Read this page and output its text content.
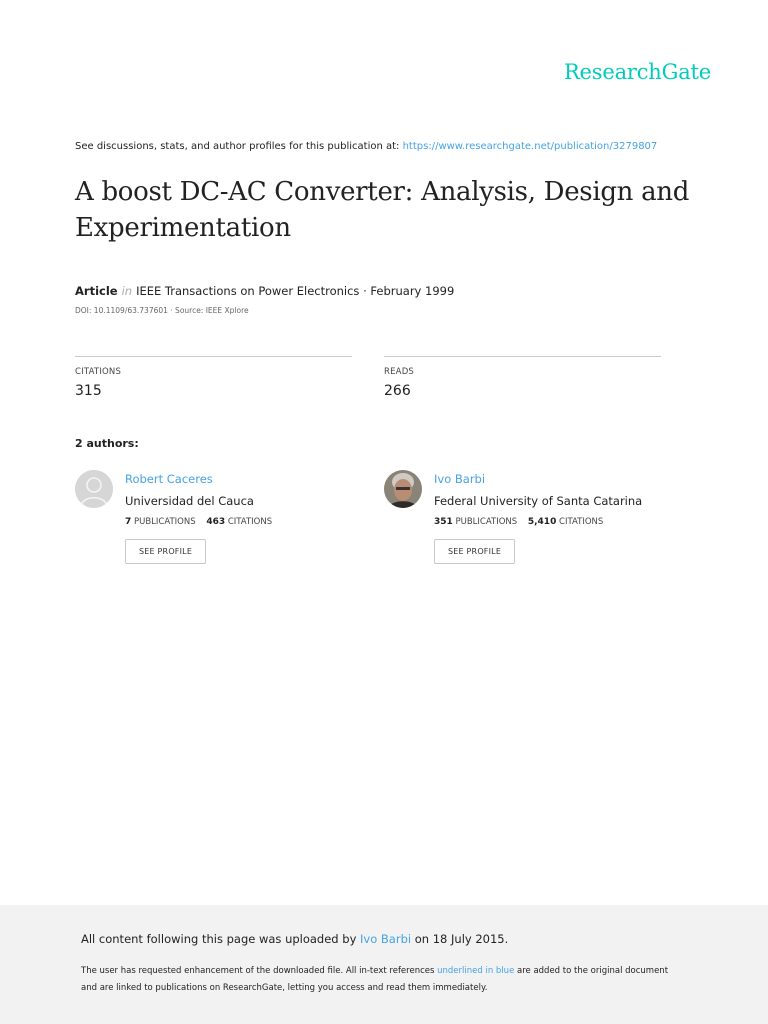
ResearchGate
See discussions, stats, and author profiles for this publication at: https://www.researchgate.net/publication/3279807
A boost DC-AC Converter: Analysis, Design and Experimentation
Article in IEEE Transactions on Power Electronics · February 1999
DOI: 10.1109/63.737601 · Source: IEEE Xplore
CITATIONS
315
READS
266
2 authors:
Robert Caceres
Universidad del Cauca
7 PUBLICATIONS 463 CITATIONS
SEE PROFILE
Ivo Barbi
Federal University of Santa Catarina
351 PUBLICATIONS 5,410 CITATIONS
SEE PROFILE
All content following this page was uploaded by Ivo Barbi on 18 July 2015.
The user has requested enhancement of the downloaded file. All in-text references underlined in blue are added to the original document and are linked to publications on ResearchGate, letting you access and read them immediately.
